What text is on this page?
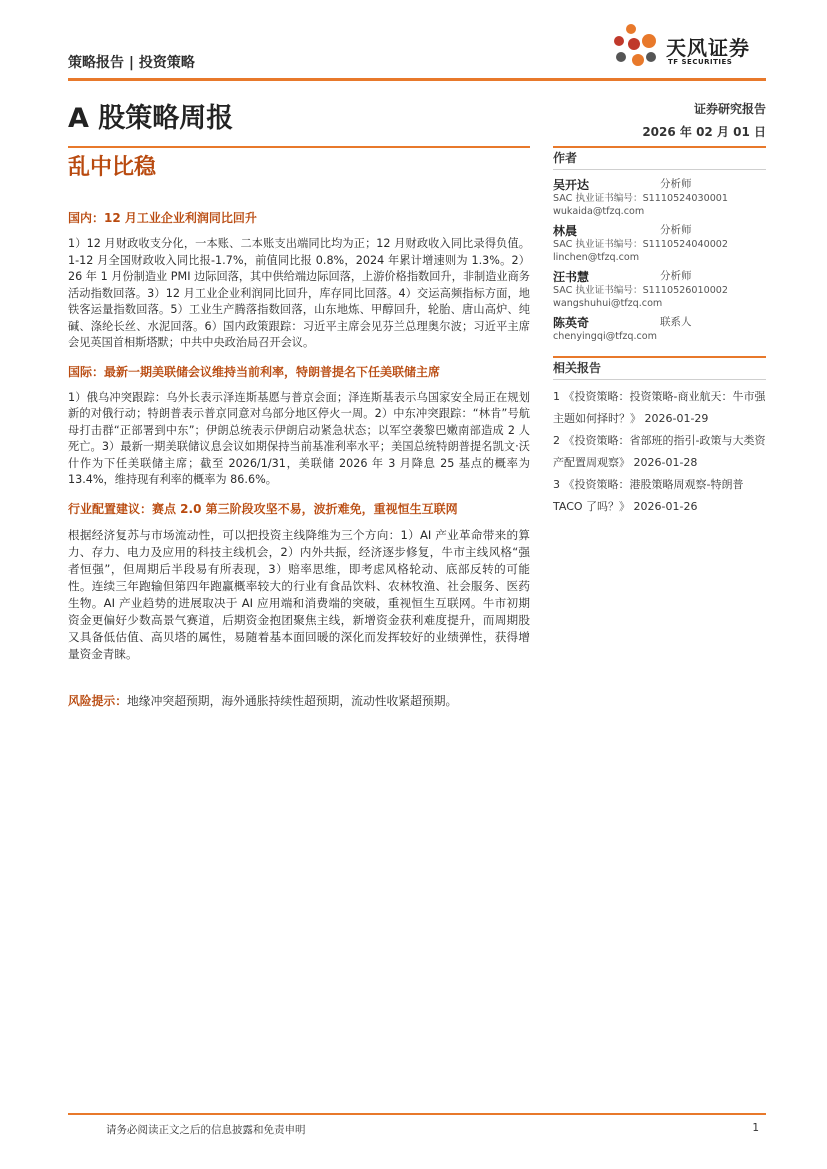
策略报告 | 投资策略
天风证券
TF SECURITIES
A 股策略周报	证券研究报告
2026 年 02 月 01 日
乱中比稳
国内：12 月工业企业利润同比回升

1）12 月财政收支分化，一本账、二本账支出端同比均为正；12 月财政收入同比录得负值。1-12 月全国财政收入同比报-1.7%，前值同比报 0.8%，2024 年累计增速则为 1.3%。2）26 年 1 月份制造业 PMI 边际回落，其中供给端边际回落，上游价格指数回升，非制造业商务活动指数回落。3）12 月工业企业利润同比回升，库存同比回落。4）交运高频指标方面，地铁客运量指数回落。5）工业生产腾落指数回落，山东地炼、甲醇回升，轮胎、唐山高炉、纯碱、涤纶长丝、水泥回落。6）国内政策跟踪：习近平主席会见芬兰总理奥尔波；习近平主席会见英国首相斯塔默；中共中央政治局召开会议。

国际：最新一期美联储会议维持当前利率，特朗普提名下任美联储主席

1）俄乌冲突跟踪：乌外长表示泽连斯基愿与普京会面；泽连斯基表示乌国家安全局正在规划新的对俄行动；特朗普表示普京同意对乌部分地区停火一周。2）中东冲突跟踪：“林肯”号航母打击群“正部署到中东”；伊朗总统表示伊朗启动紧急状态；以军空袭黎巴嫩南部造成 2 人死亡。3）最新一期美联储议息会议如期保持当前基准利率水平；美国总统特朗普提名凯文·沃什作为下任美联储主席；截至 2026/1/31，美联储 2026 年 3 月降息 25 基点的概率为 13.4%，维持现有利率的概率为 86.6%。

行业配置建议：赛点 2.0 第三阶段攻坚不易，波折难免，重视恒生互联网

根据经济复苏与市场流动性，可以把投资主线降维为三个方向：1）AI 产业革命带来的算力、存力、电力及应用的科技主线机会，2）内外共振，经济逐步修复，牛市主线风格“强者恒强”，但周期后半段易有所表现，3）赔率思维，即考虑风格轮动、底部反转的可能性。连续三年跑输但第四年跑赢概率较大的行业有食品饮料、农林牧渔、社会服务、医药生物。AI 产业趋势的进展取决于 AI 应用端和消费端的突破，重视恒生互联网。牛市初期资金更偏好少数高景气赛道，后期资金抱团聚焦主线，新增资金获利难度提升，而周期股又具备低估值、高贝塔的属性，易随着基本面回暖的深化而发挥较好的业绩弹性，获得增量资金青睐。

风险提示：地缘冲突超预期，海外通胀持续性超预期，流动性收紧超预期。

作者
吴开达	分析师
SAC 执业证书编号：S1110524030001
wukaida@tfzq.com
林晨	分析师
SAC 执业证书编号：S1110524040002
linchen@tfzq.com
汪书慧	分析师
SAC 执业证书编号：S1110526010002
wangshuhui@tfzq.com
陈英奇	联系人
chenyingqi@tfzq.com
相关报告
1 《投资策略：投资策略-商业航天：牛市强主题如何择时？》 2026-01-29
2 《投资策略：省部班的指引-政策与大类资产配置周观察》 2026-01-28
3 《投资策略：港股策略周观察-特朗普 TACO 了吗？》 2026-01-26
请务必阅读正文之后的信息披露和免责申明	1
